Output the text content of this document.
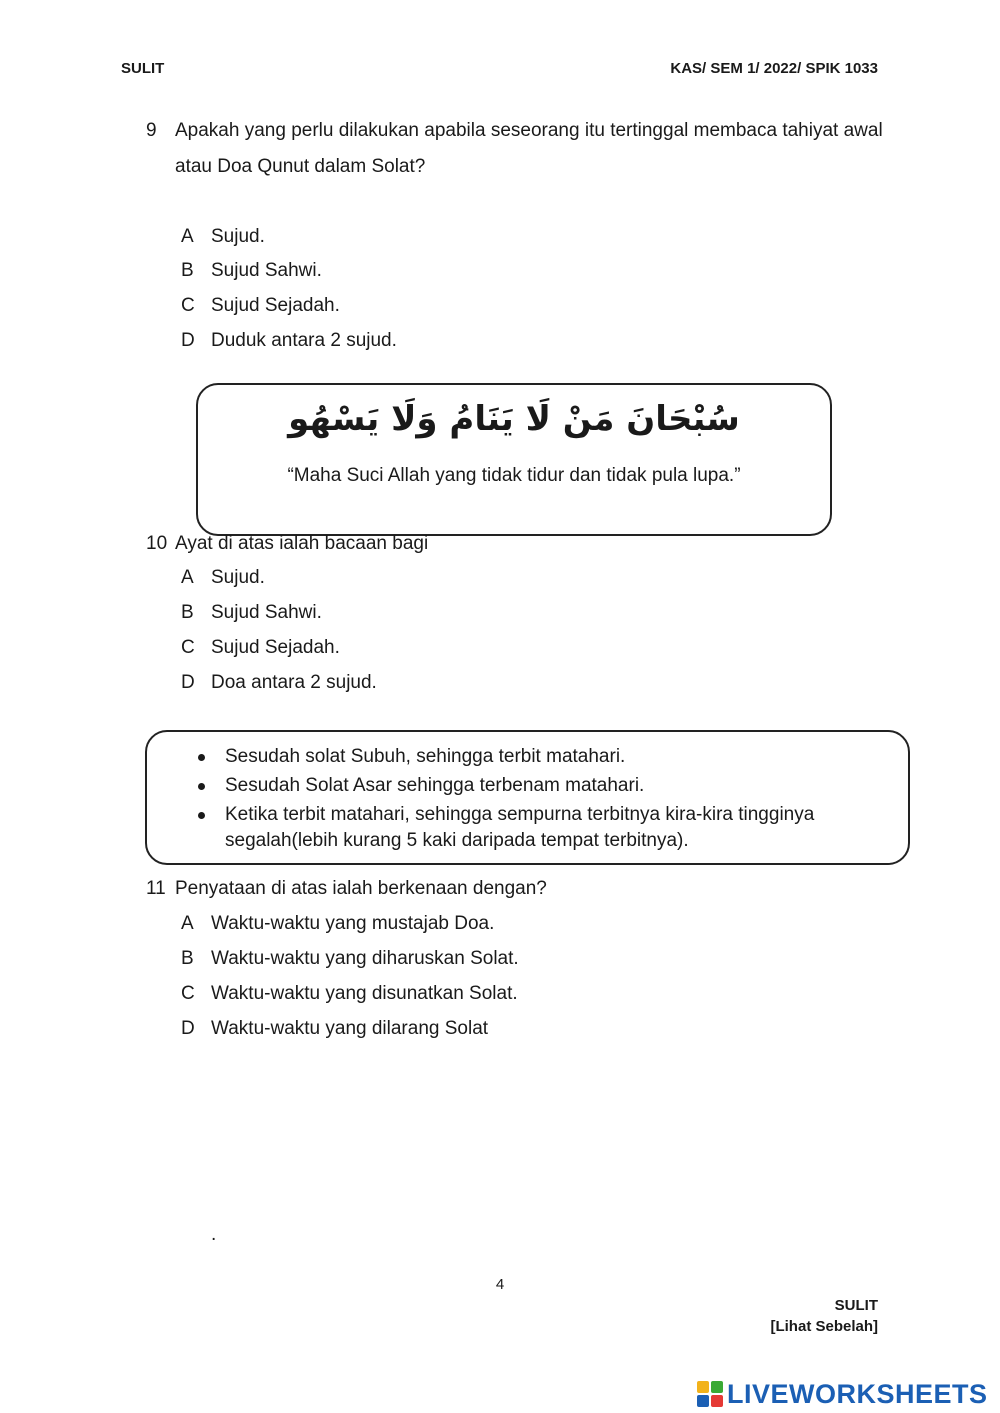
SULIT	KAS/ SEM 1/ 2022/ SPIK 1033
9 Apakah yang perlu dilakukan apabila seseorang itu tertinggal membaca tahiyat awal atau Doa Qunut dalam Solat?
A Sujud.
B Sujud Sahwi.
C Sujud Sejadah.
D Duduk antara 2 sujud.
سُبْحَانَ مَنْ لَا يَنَامُ وَلَا يَسْهُو
“Maha Suci Allah yang tidak tidur dan tidak pula lupa.”
10 Ayat di atas ialah bacaan bagi
A Sujud.
B Sujud Sahwi.
C Sujud Sejadah.
D Doa antara 2 sujud.
Sesudah solat Subuh, sehingga terbit matahari.
Sesudah Solat Asar sehingga terbenam matahari.
Ketika terbit matahari, sehingga sempurna terbitnya kira-kira tingginya segalah(lebih kurang 5 kaki daripada tempat terbitnya).
11 Penyataan di atas ialah berkenaan dengan?
A Waktu-waktu yang mustajab Doa.
B Waktu-waktu yang diharuskan Solat.
C Waktu-waktu yang disunatkan Solat.
D Waktu-waktu yang dilarang Solat
.
4
SULIT
[Lihat Sebelah]
LIVEWORKSHEETS
